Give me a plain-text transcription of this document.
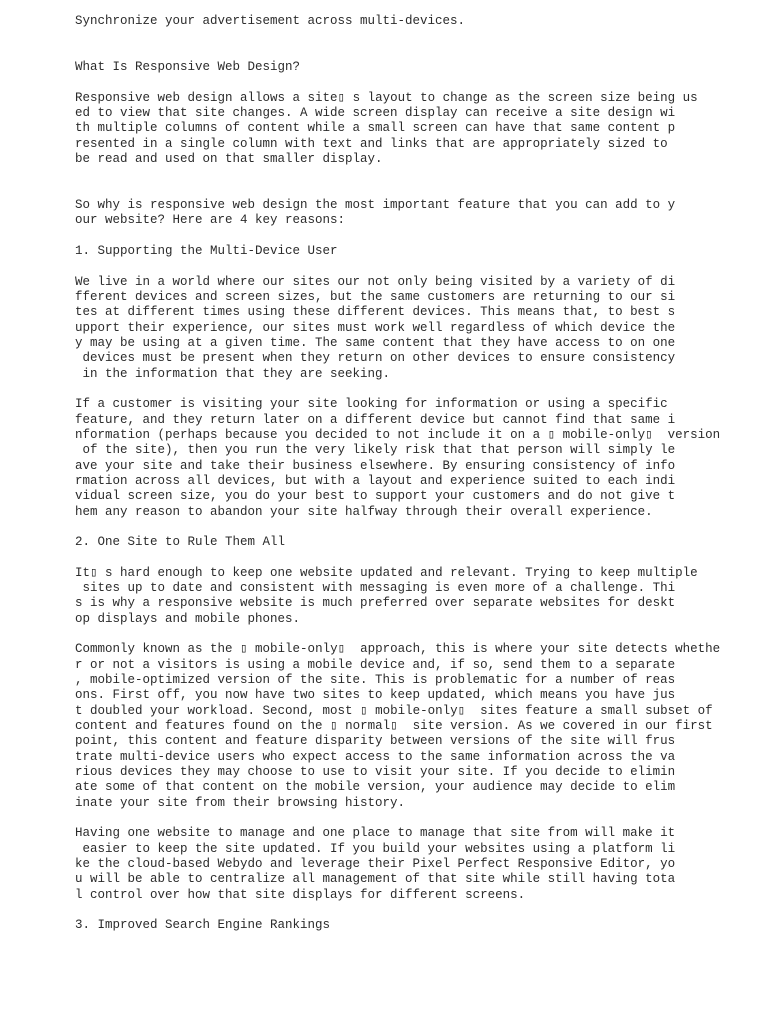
Synchronize your advertisement across multi-devices.
What Is Responsive Web Design?
Responsive web design allows a site▯ s layout to change as the screen size being us
ed to view that site changes. A wide screen display can receive a site design wi
th multiple columns of content while a small screen can have that same content p
resented in a single column with text and links that are appropriately sized to
be read and used on that smaller display.
So why is responsive web design the most important feature that you can add to y
our website? Here are 4 key reasons:
1. Supporting the Multi-Device User
We live in a world where our sites our not only being visited by a variety of di
fferent devices and screen sizes, but the same customers are returning to our si
tes at different times using these different devices. This means that, to best s
upport their experience, our sites must work well regardless of which device the
y may be using at a given time. The same content that they have access to on one
devices must be present when they return on other devices to ensure consistency
in the information that they are seeking.
If a customer is visiting your site looking for information or using a specific
feature, and they return later on a different device but cannot find that same i
nformation (perhaps because you decided to not include it on a ▯ mobile-only▯  version
of the site), then you run the very likely risk that that person will simply le
ave your site and take their business elsewhere. By ensuring consistency of info
rmation across all devices, but with a layout and experience suited to each indi
vidual screen size, you do your best to support your customers and do not give t
hem any reason to abandon your site halfway through their overall experience.
2. One Site to Rule Them All
It▯ s hard enough to keep one website updated and relevant. Trying to keep multiple
sites up to date and consistent with messaging is even more of a challenge. Thi
s is why a responsive website is much preferred over separate websites for deskt
op displays and mobile phones.
Commonly known as the ▯ mobile-only▯  approach, this is where your site detects whethe
r or not a visitors is using a mobile device and, if so, send them to a separate
, mobile-optimized version of the site. This is problematic for a number of reas
ons. First off, you now have two sites to keep updated, which means you have jus
t doubled your workload. Second, most ▯ mobile-only▯  sites feature a small subset of
content and features found on the ▯ normal▯  site version. As we covered in our first
point, this content and feature disparity between versions of the site will frus
trate multi-device users who expect access to the same information across the va
rious devices they may choose to use to visit your site. If you decide to elimin
ate some of that content on the mobile version, your audience may decide to elim
inate your site from their browsing history.
Having one website to manage and one place to manage that site from will make it
easier to keep the site updated. If you build your websites using a platform li
ke the cloud-based Webydo and leverage their Pixel Perfect Responsive Editor, yo
u will be able to centralize all management of that site while still having tota
l control over how that site displays for different screens.
3. Improved Search Engine Rankings
